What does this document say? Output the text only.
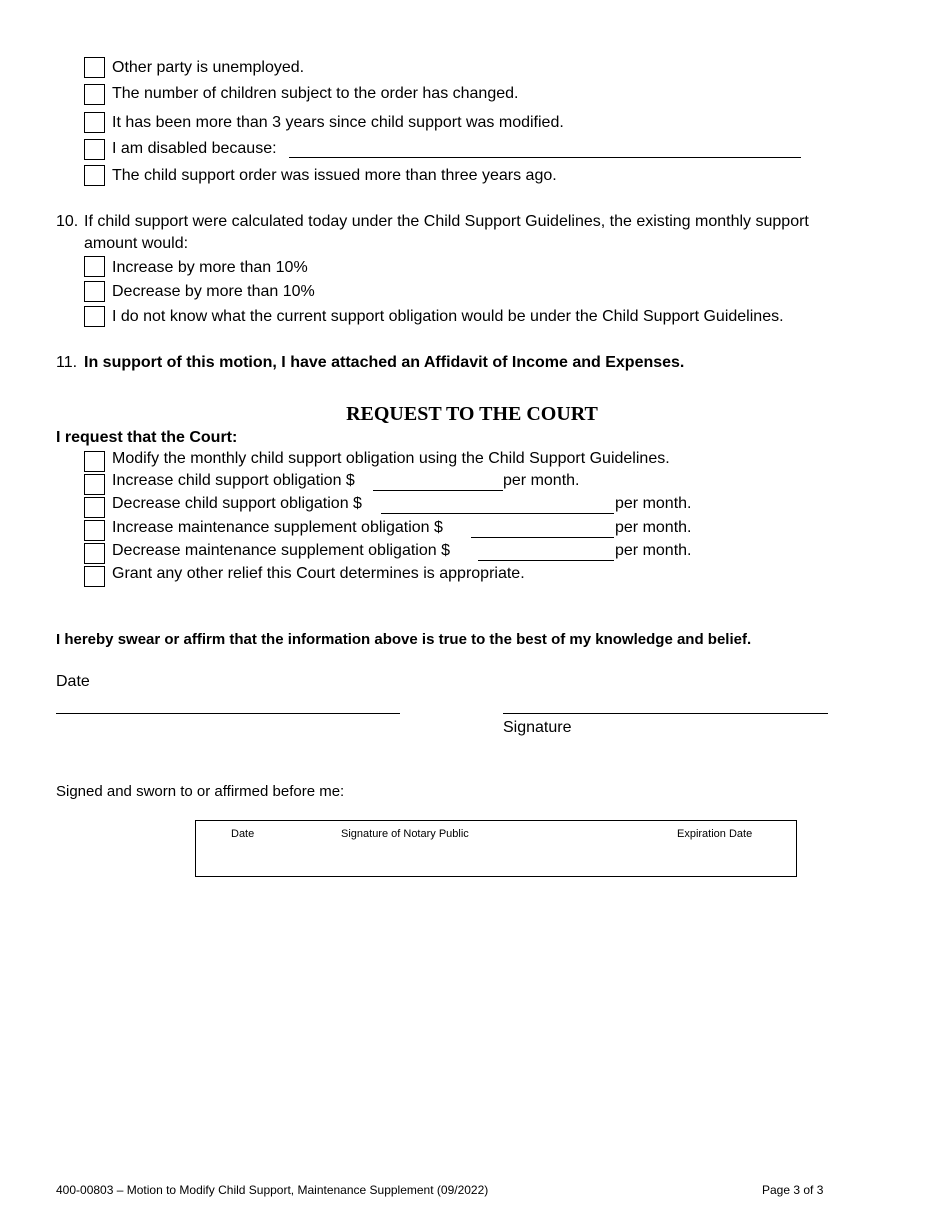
Other party is unemployed.
The number of children subject to the order has changed.
It has been more than 3 years since child support was modified.
I am disabled because:
The child support order was issued more than three years ago.
10. If child support were calculated today under the Child Support Guidelines, the existing monthly support
amount would:
Increase by more than 10%
Decrease by more than 10%
I do not know what the current support obligation would be under the Child Support Guidelines.
11. In support of this motion, I have attached an Affidavit of Income and Expenses.
REQUEST TO THE COURT
I request that the Court:
Modify the monthly child support obligation using the Child Support Guidelines.
Increase child support obligation $	per month.
Decrease child support obligation $	per month.
Increase maintenance supplement obligation $	per month.
Decrease maintenance supplement obligation $	per month.
Grant any other relief this Court determines is appropriate.
I hereby swear or affirm that the information above is true to the best of my knowledge and belief.
Date
Signature
Signed and sworn to or affirmed before me:
Date	Signature of Notary Public	Expiration Date
400-00803 – Motion to Modify Child Support, Maintenance Supplement (09/2022)	Page 3 of 3
